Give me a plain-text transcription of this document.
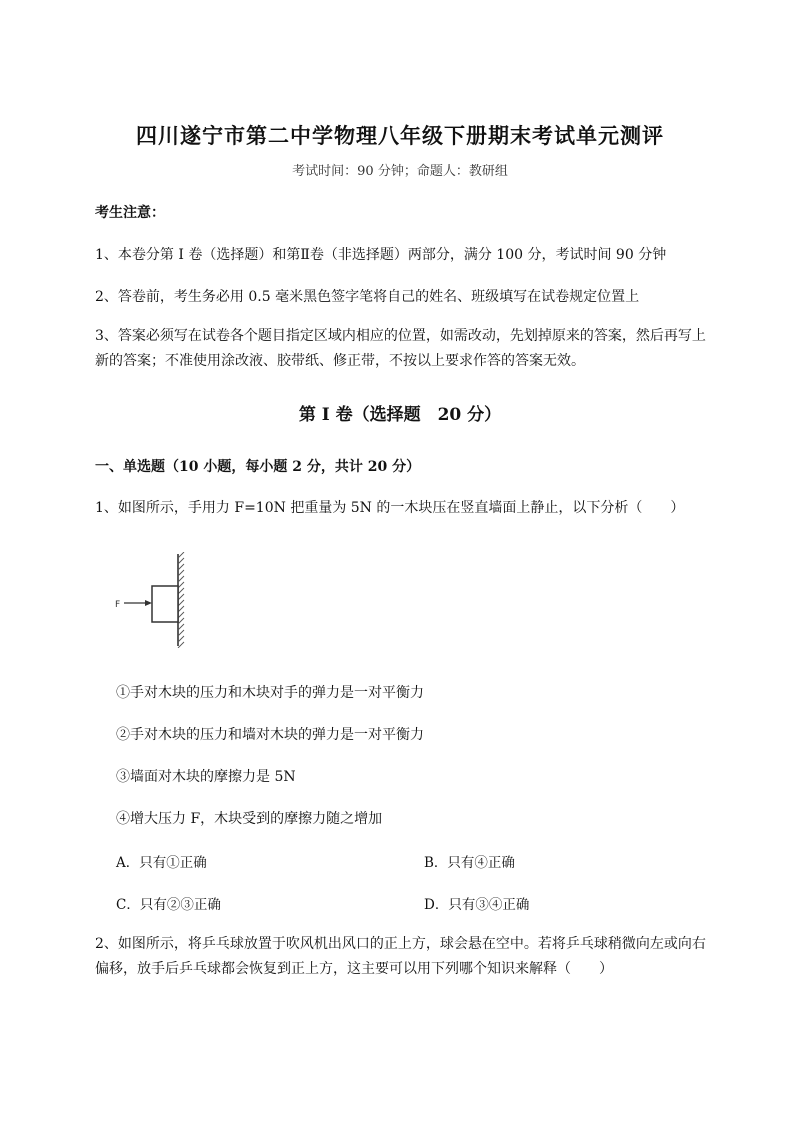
四川遂宁市第二中学物理八年级下册期末考试单元测评
考试时间：90 分钟；命题人：教研组
考生注意：
1、本卷分第 I 卷（选择题）和第Ⅱ卷（非选择题）两部分，满分 100 分，考试时间 90 分钟
2、答卷前，考生务必用 0.5 毫米黑色签字笔将自己的姓名、班级填写在试卷规定位置上
3、答案必须写在试卷各个题目指定区域内相应的位置，如需改动，先划掉原来的答案，然后再写上新的答案；不准使用涂改液、胶带纸、修正带，不按以上要求作答的答案无效。
第 I 卷（选择题　20 分）
一、单选题（10 小题，每小题 2 分，共计 20 分）
1、如图所示，手用力 F=10N 把重量为 5N 的一木块压在竖直墙面上静止，以下分析（　　）
F
①手对木块的压力和木块对手的弹力是一对平衡力
②手对木块的压力和墙对木块的弹力是一对平衡力
③墙面对木块的摩擦力是 5N
④增大压力 F，木块受到的摩擦力随之增加
A．只有①正确	B．只有④正确
C．只有②③正确	D．只有③④正确
2、如图所示，将乒乓球放置于吹风机出风口的正上方，球会悬在空中。若将乒乓球稍微向左或向右偏移，放手后乒乓球都会恢复到正上方，这主要可以用下列哪个知识来解释（　　）
